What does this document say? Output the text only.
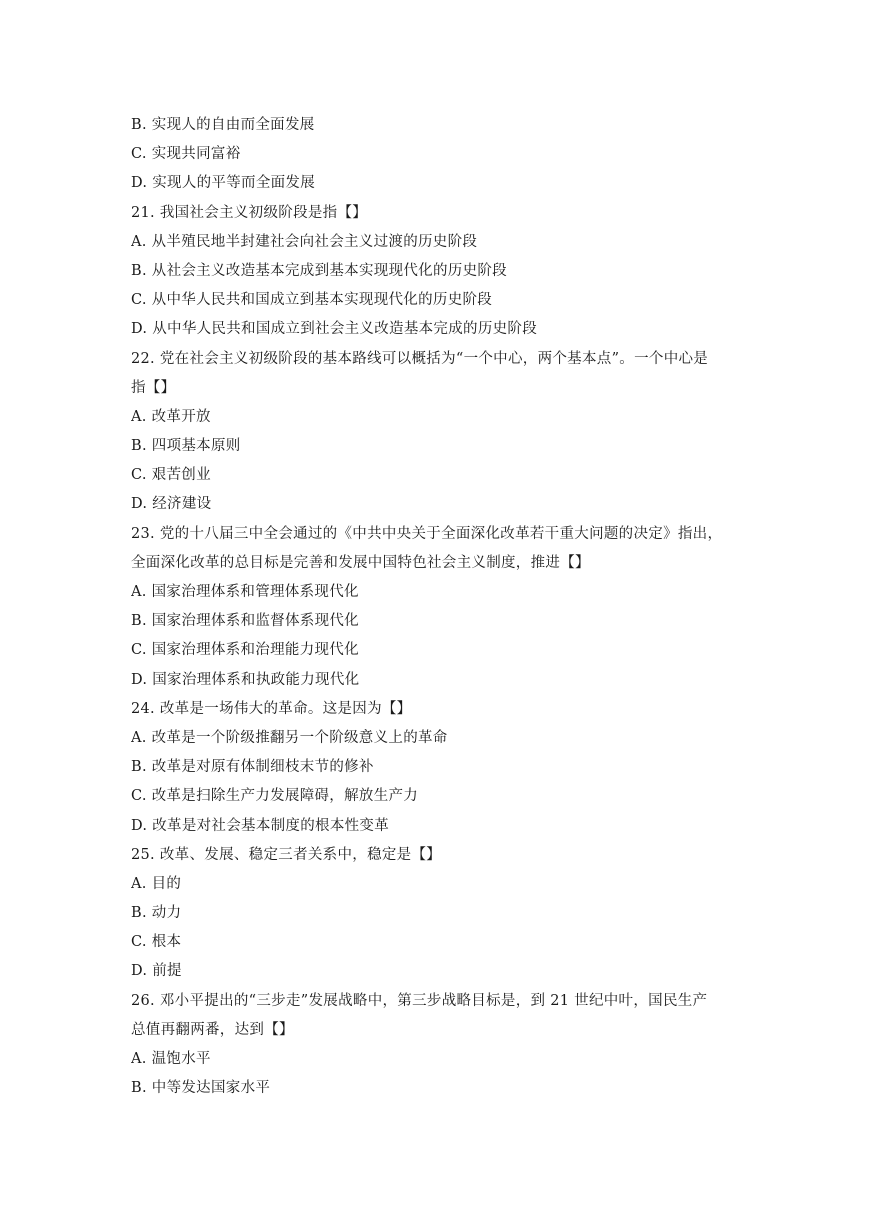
B. 实现人的自由而全面发展
C. 实现共同富裕
D. 实现人的平等而全面发展
21. 我国社会主义初级阶段是指【】
A. 从半殖民地半封建社会向社会主义过渡的历史阶段
B. 从社会主义改造基本完成到基本实现现代化的历史阶段
C. 从中华人民共和国成立到基本实现现代化的历史阶段
D. 从中华人民共和国成立到社会主义改造基本完成的历史阶段
22. 党在社会主义初级阶段的基本路线可以概括为“一个中心，两个基本点”。一个中心是
指【】
A. 改革开放
B. 四项基本原则
C. 艰苦创业
D. 经济建设
23. 党的十八届三中全会通过的《中共中央关于全面深化改革若干重大问题的决定》指出，
全面深化改革的总目标是完善和发展中国特色社会主义制度，推进【】
A. 国家治理体系和管理体系现代化
B. 国家治理体系和监督体系现代化
C. 国家治理体系和治理能力现代化
D. 国家治理体系和执政能力现代化
24. 改革是一场伟大的革命。这是因为【】
A. 改革是一个阶级推翻另一个阶级意义上的革命
B. 改革是对原有体制细枝末节的修补
C. 改革是扫除生产力发展障碍，解放生产力
D. 改革是对社会基本制度的根本性变革
25. 改革、发展、稳定三者关系中，稳定是【】
A. 目的
B. 动力
C. 根本
D. 前提
26. 邓小平提出的“三步走”发展战略中，第三步战略目标是，到 21 世纪中叶，国民生产
总值再翻两番，达到【】
A. 温饱水平
B. 中等发达国家水平
